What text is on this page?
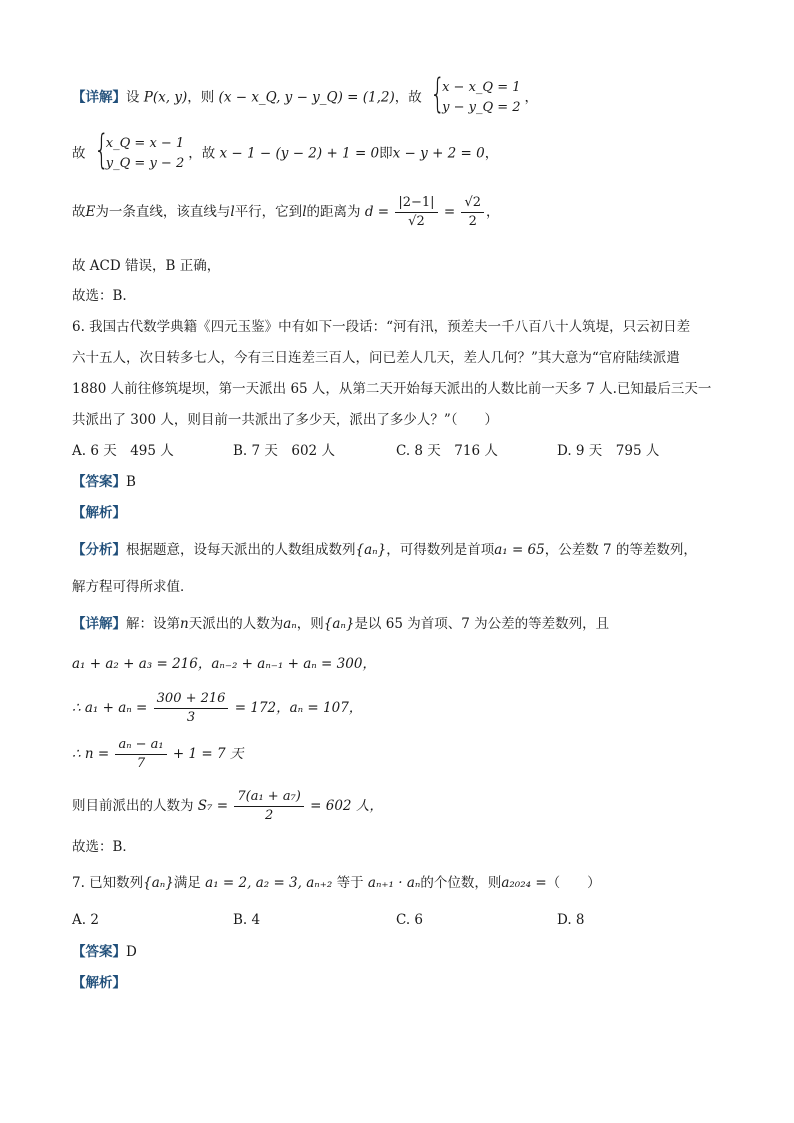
【详解】设 P(x, y)，则 (x − x_Q, y − y_Q) = (1,2)，故 {
x − x_Q = 1
y − y_Q = 2
，
故 {
x_Q = x − 1
y_Q = y − 2
，故 x − 1 − (y − 2) + 1 = 0即x − y + 2 = 0，
故E为一条直线，该直线与l平行，它到l的距离为 $d = \frac{|2-1|}{√2} = \frac{√2}{2}$ ，
故 ACD 错误，B 正确，
故选：B.
6. 我国古代数学典籍《四元玉鉴》中有如下一段话：“河有汛，预差夫一千八百八十人筑堤，只云初日差
六十五人，次日转多七人，今有三日连差三百人，问已差人几天，差人几何？”其大意为“官府陆续派遣
1880 人前往修筑堤坝，第一天派出 65 人，从第二天开始每天派出的人数比前一天多 7 人.已知最后三天一
共派出了 300 人，则目前一共派出了多少天，派出了多少人？”（　　）
A. 6 天　495 人	B. 7 天　602 人	C. 8 天　716 人	D. 9 天　795 人
【答案】B
【解析】
【分析】根据题意，设每天派出的人数组成数列{aₙ}，可得数列是首项a₁ = 65，公差数 7 的等差数列，
解方程可得所求值．
【详解】解：设第n天派出的人数为aₙ，则{aₙ}是以 65 为首项、7 为公差的等差数列，且
a₁ + a₂ + a₃ = 216，aₙ₋₂ + aₙ₋₁ + aₙ = 300，
∴ $a_1 + a_n = \frac{300 + 216}{3} = 172$，aₙ = 107，
∴ $n = \frac{\text{aₙ − a₁}}{7} + 1 = 7$ 天
则目前派出的人数为 $S_7 = \frac{\text{7(a₁ + a₇)}}{2} = 602$ 人，
故选：B．
7. 已知数列{aₙ}满足 a₁ = 2, a₂ = 3, aₙ₊₂ 等于 aₙ₊₁ · aₙ的个位数，则a₂₀₂₄ =（　　）
A. 2	B. 4	C. 6	D. 8
【答案】D
【解析】
